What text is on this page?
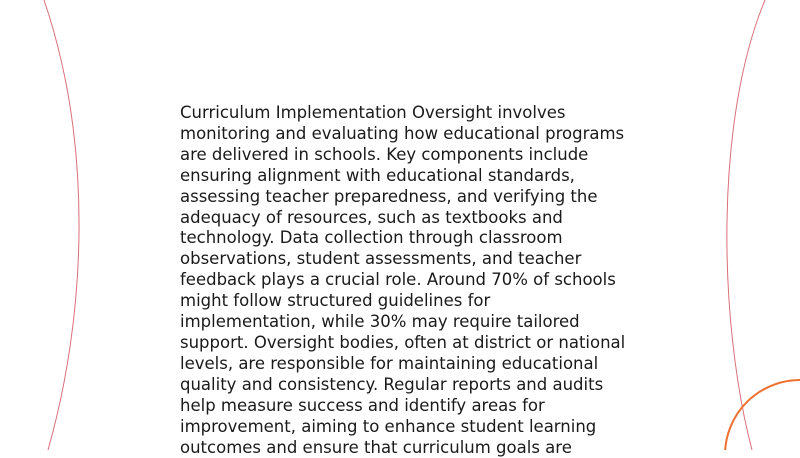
Curriculum Implementation Oversight involves monitoring and evaluating how educational programs are delivered in schools. Key components include ensuring alignment with educational standards, assessing teacher preparedness, and verifying the adequacy of resources, such as textbooks and technology. Data collection through classroom observations, student assessments, and teacher feedback plays a crucial role. Around 70% of schools might follow structured guidelines for implementation, while 30% may require tailored support. Oversight bodies, often at district or national levels, are responsible for maintaining educational quality and consistency. Regular reports and audits help measure success and identify areas for improvement, aiming to enhance student learning outcomes and ensure that curriculum goals are
